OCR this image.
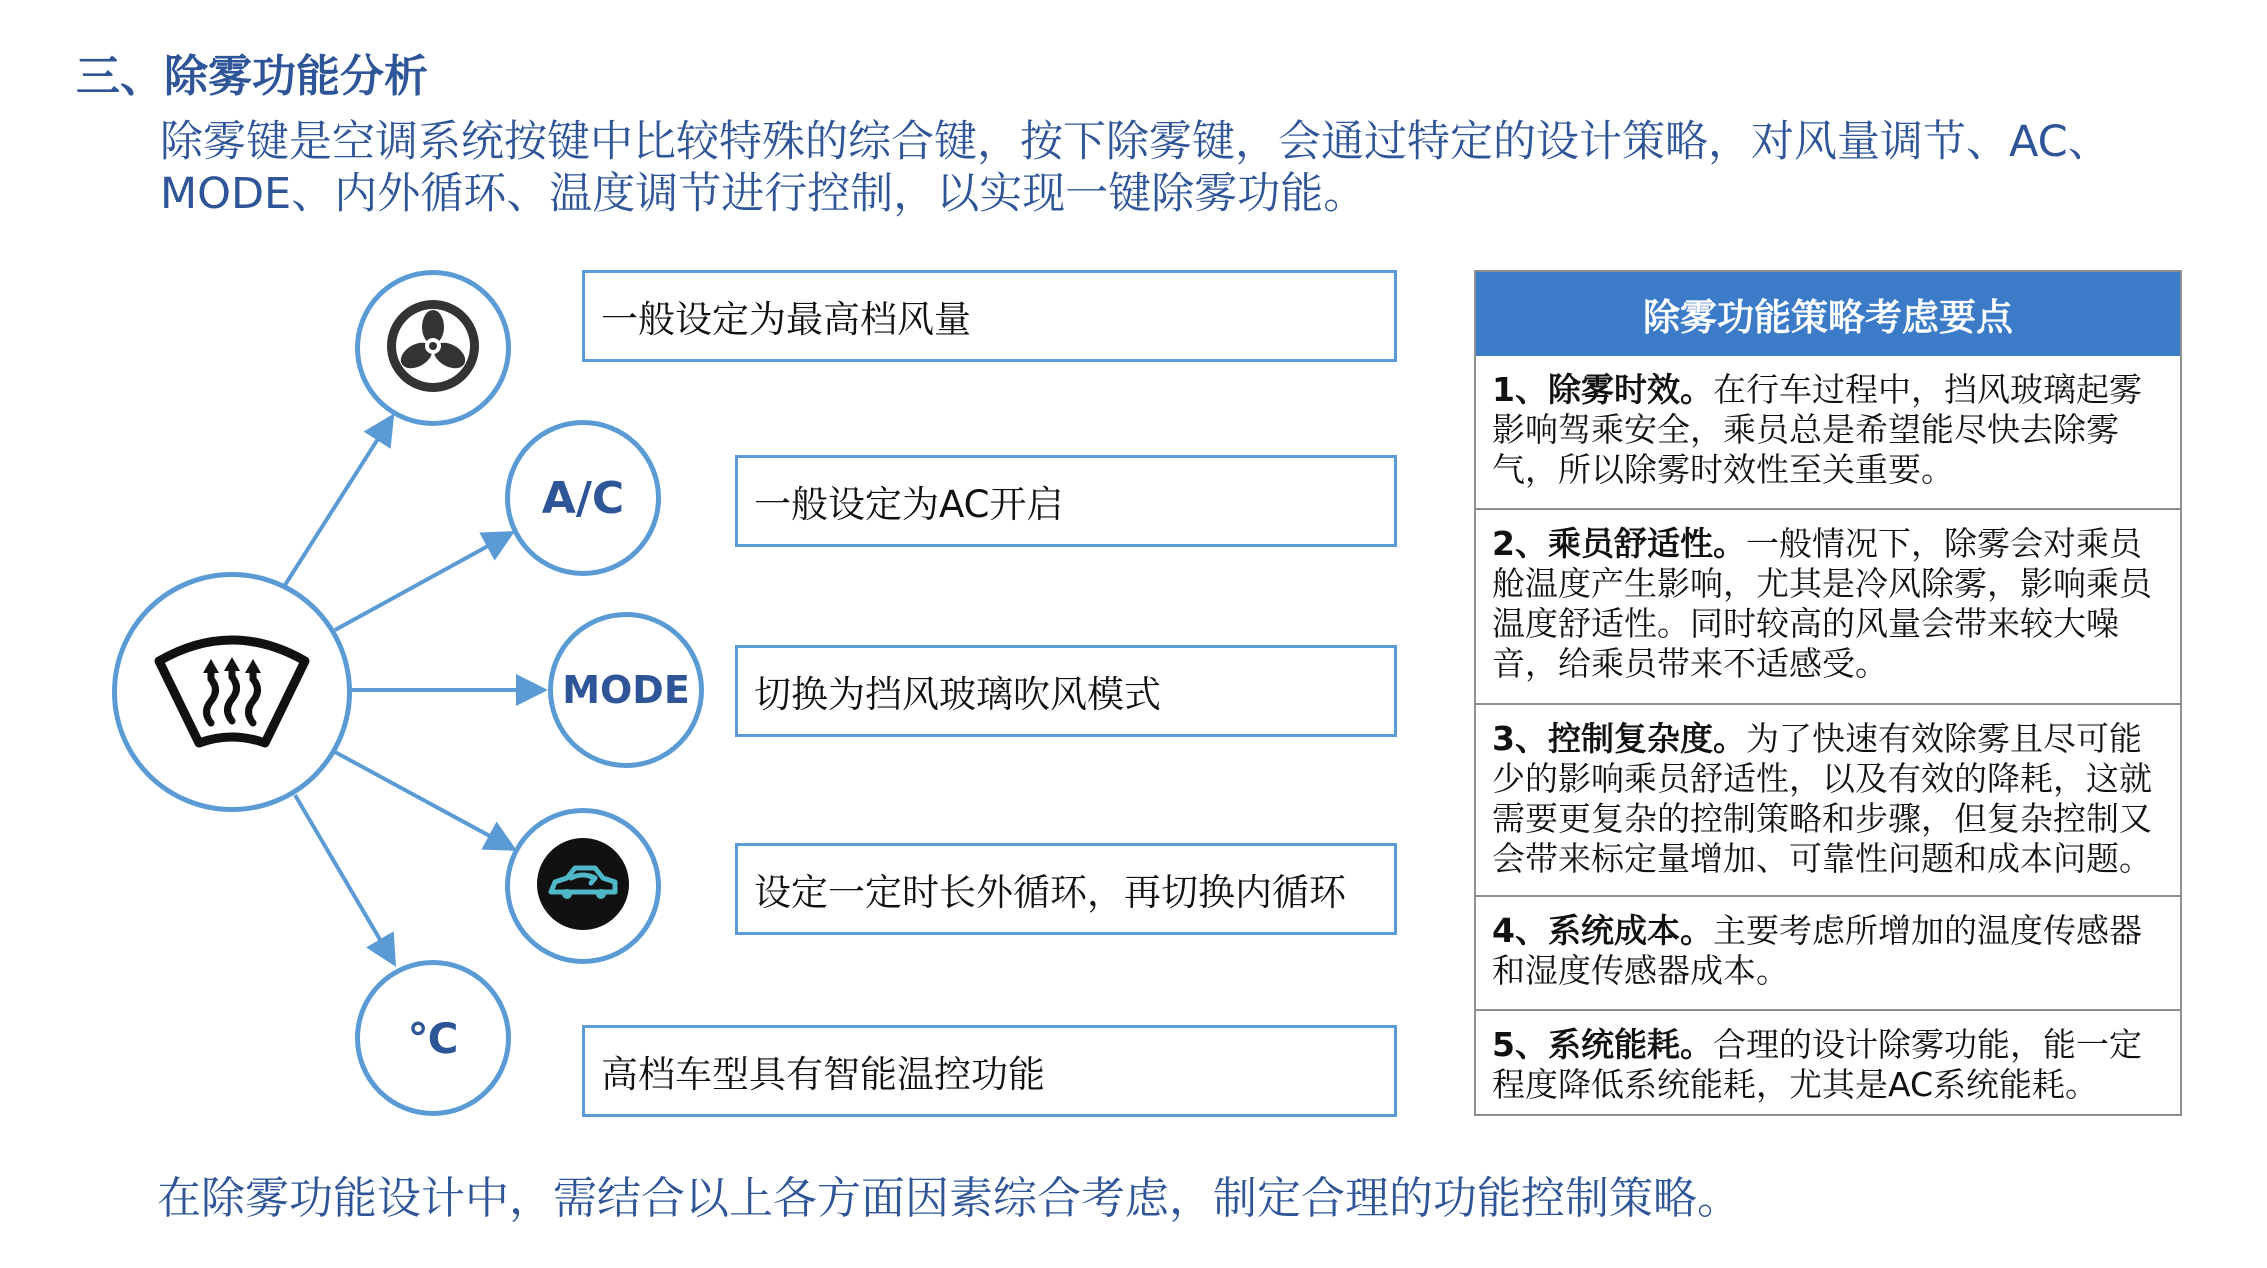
三、除雾功能分析
除雾键是空调系统按键中比较特殊的综合键，按下除雾键，会通过特定的设计策略，对风量调节、AC、MODE、内外循环、温度调节进行控制，以实现一键除雾功能。
A/C
MODE
℃
一般设定为最高档风量
一般设定为AC开启
切换为挡风玻璃吹风模式
设定一定时长外循环，再切换内循环
高档车型具有智能温控功能
除雾功能策略考虑要点
1、除雾时效。在行车过程中，挡风玻璃起雾影响驾乘安全，乘员总是希望能尽快去除雾气，所以除雾时效性至关重要。
2、乘员舒适性。一般情况下，除雾会对乘员舱温度产生影响，尤其是冷风除雾，影响乘员温度舒适性。同时较高的风量会带来较大噪音，给乘员带来不适感受。
3、控制复杂度。为了快速有效除雾且尽可能少的影响乘员舒适性，以及有效的降耗，这就需要更复杂的控制策略和步骤，但复杂控制又会带来标定量增加、可靠性问题和成本问题。
4、系统成本。主要考虑所增加的温度传感器和湿度传感器成本。
5、系统能耗。合理的设计除雾功能，能一定程度降低系统能耗，尤其是AC系统能耗。
在除雾功能设计中，需结合以上各方面因素综合考虑，制定合理的功能控制策略。
